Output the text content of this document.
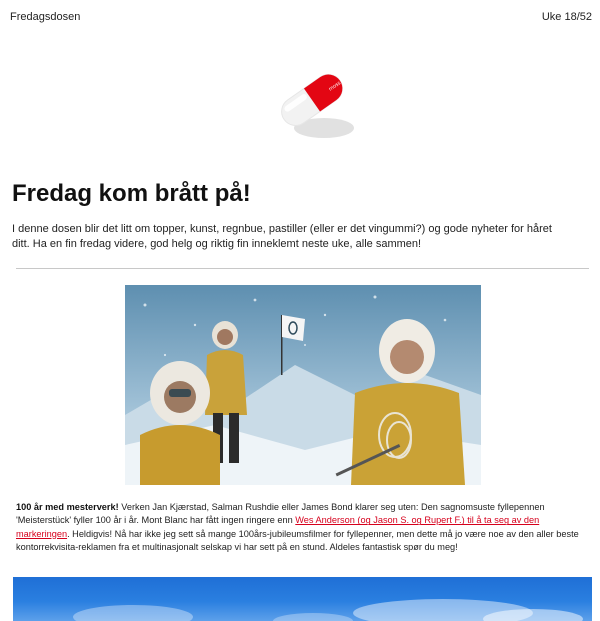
Fredagsdosen	Uke 18/52
moss
Fredag kom brått på!

I denne dosen blir det litt om topper, kunst, regnbue, pastiller (eller er det vingummi?) og gode nyheter for håret ditt. Ha en fin fredag videre, god helg og riktig fin inneklemt neste uke, alle sammen!

100 år med mesterverk! Verken Jan Kjærstad, Salman Rushdie eller James Bond klarer seg uten: Den sagnomsuste fyllepennen 'Meisterstück' fyller 100 år i år. Mont Blanc har fått ingen ringere enn Wes Anderson (og Jason S. og Rupert F.) til å ta seg av den markeringen. Heldigvis! Nå har ikke jeg sett så mange 100års-jubileumsfilmer for fyllepenner, men dette må jo være noe av den aller beste kontorrekvisita-reklamen fra et multinasjonalt selskap vi har sett på en stund. Aldeles fantastisk spør du meg!
